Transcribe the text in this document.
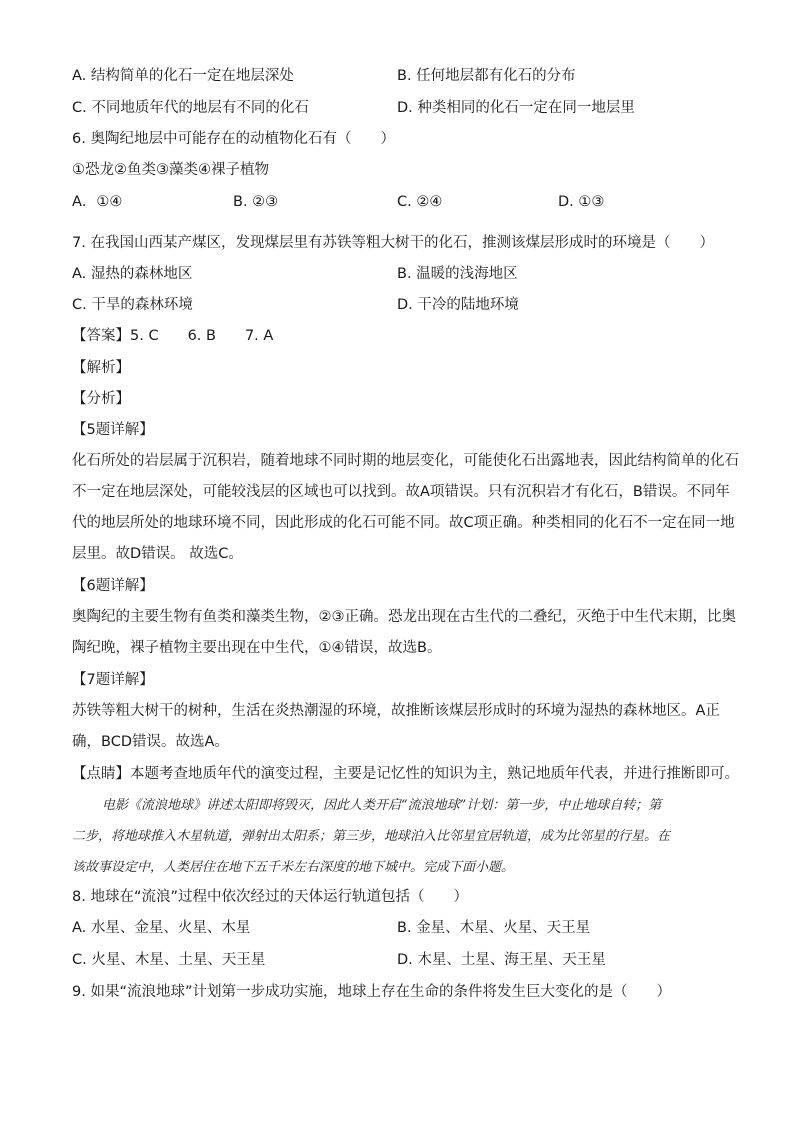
A. 结构简单的化石一定在地层深处	B. 任何地层都有化石的分布
C. 不同地质年代的地层有不同的化石	D. 种类相同的化石一定在同一地层里
6. 奥陶纪地层中可能存在的动植物化石有（　　）
①恐龙②鱼类③藻类④裸子植物
A．①④	B. ②③	C. ②④	D. ①③
7. 在我国山西某产煤区，发现煤层里有苏铁等粗大树干的化石，推测该煤层形成时的环境是（　　）
A. 湿热的森林地区	B. 温暖的浅海地区
C. 干旱的森林环境	D. 干冷的陆地环境
【答案】5. C　　6. B　　7. A
【解析】
【分析】
【5题详解】
化石所处的岩层属于沉积岩，随着地球不同时期的地层变化，可能使化石出露地表，因此结构简单的化石
不一定在地层深处，可能较浅层的区域也可以找到。故A项错误。只有沉积岩才有化石，B错误。不同年
代的地层所处的地球环境不同，因此形成的化石可能不同。故C项正确。种类相同的化石不一定在同一地
层里。故D错误。 故选C。
【6题详解】
奥陶纪的主要生物有鱼类和藻类生物，②③正确。恐龙出现在古生代的二叠纪，灭绝于中生代末期，比奥
陶纪晚，裸子植物主要出现在中生代，①④错误，故选B。
【7题详解】
苏铁等粗大树干的树种，生活在炎热潮湿的环境，故推断该煤层形成时的环境为湿热的森林地区。A正
确，BCD错误。故选A。
【点睛】本题考查地质年代的演变过程，主要是记忆性的知识为主，熟记地质年代表，并进行推断即可。
电影《流浪地球》讲述太阳即将毁灭，因此人类开启“流浪地球”计划：第一步，中止地球自转；第
二步，将地球推入木星轨道，弹射出太阳系；第三步，地球泊入比邻星宜居轨道，成为比邻星的行星。在
该故事设定中，人类居住在地下五千米左右深度的地下城中。完成下面小题。
8. 地球在“流浪”过程中依次经过的天体运行轨道包括（　　）
A. 水星、金星、火星、木星	B. 金星、木星、火星、天王星
C. 火星、木星、土星、天王星	D. 木星、土星、海王星、天王星
9. 如果“流浪地球”计划第一步成功实施，地球上存在生命的条件将发生巨大变化的是（　　）
